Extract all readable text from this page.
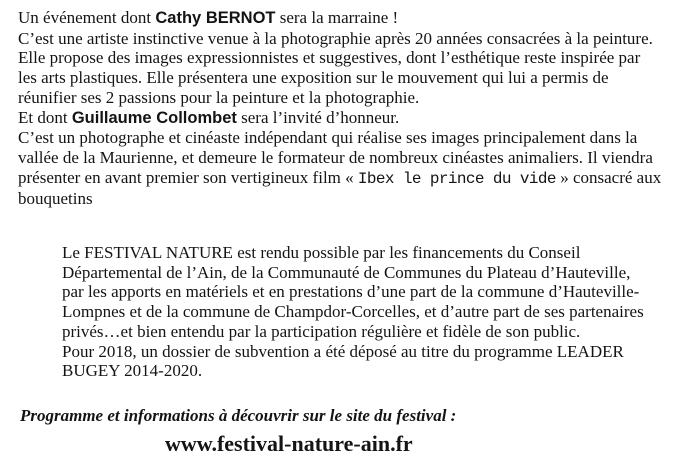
Un événement dont Cathy BERNOT sera la marraine !
C’est une artiste instinctive venue à la photographie après 20 années consacrées à la peinture.
Elle propose des images expressionnistes et suggestives, dont l’esthétique reste inspirée par
les arts plastiques. Elle présentera une exposition sur le mouvement qui lui a permis de
réunifier ses 2 passions pour la peinture et la photographie.
Et dont Guillaume Collombet sera l’invité d’honneur.
C’est un photographe et cinéaste indépendant qui réalise ses images principalement dans la
vallée de la Maurienne, et demeure le formateur de nombreux cinéastes animaliers. Il viendra
présenter en avant premier son vertigineux film « Ibex le prince du vide » consacré aux
bouquetins
Le FESTIVAL NATURE est rendu possible par les financements du Conseil
Départemental de l’Ain, de la Communauté de Communes du Plateau d’Hauteville,
par les apports en matériels et en prestations d’une part de la commune d’Hauteville-
Lompnes et de la commune de Champdor-Corcelles, et d’autre part de ses partenaires
privés…et bien entendu par la participation régulière et fidèle de son public.
Pour 2018, un dossier de subvention a été déposé au titre du programme LEADER
BUGEY 2014-2020.
Programme et informations à découvrir sur le site du festival :
www.festival-nature-ain.fr
